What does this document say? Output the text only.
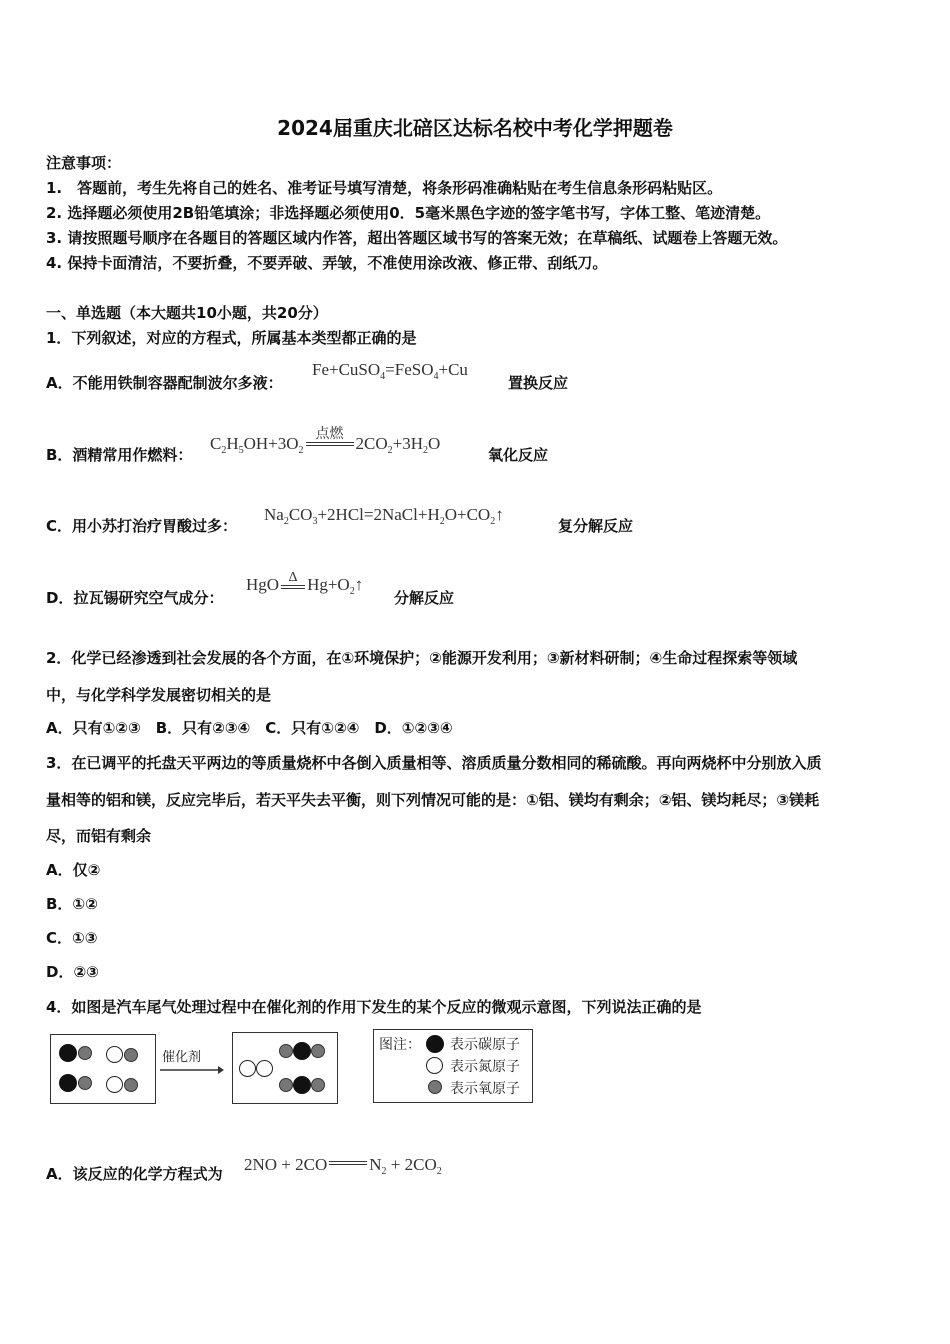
2024届重庆北碚区达标名校中考化学押题卷
注意事项：
1.　答题前，考生先将自己的姓名、准考证号填写清楚，将条形码准确粘贴在考生信息条形码粘贴区。
2. 选择题必须使用2B铅笔填涂；非选择题必须使用0．5毫米黑色字迹的签字笔书写，字体工整、笔迹清楚。
3. 请按照题号顺序在各题目的答题区域内作答，超出答题区域书写的答案无效；在草稿纸、试题卷上答题无效。
4. 保持卡面清洁，不要折叠，不要弄破、弄皱，不准使用涂改液、修正带、刮纸刀。
一、单选题（本大题共10小题，共20分）
1．下列叙述，对应的方程式，所属基本类型都正确的是
A．不能用铁制容器配制波尔多液：
Fe+CuSO$_4$=FeSO$_4$+Cu
置换反应
B．酒精常用作燃料：
$C_2H_5OH+3O_2$
点燃 $2CO_2+3H_2O$
氧化反应
C．用小苏打治疗胃酸过多：
$Na_2CO_3+2HCl=2NaCl+H_2O+CO_2↑$
复分解反应
D．拉瓦锡研究空气成分：
HgO Δ $Hg+O_2↑$
分解反应
2．化学已经渗透到社会发展的各个方面，在①环境保护；②能源开发利用；③新材料研制；④生命过程探索等领域
中，与化学科学发展密切相关的是
A．只有①②③　B．只有②③④　C．只有①②④　D．①②③④
3．在已调平的托盘天平两边的等质量烧杯中各倒入质量相等、溶质质量分数相同的稀硫酸。再向两烧杯中分别放入质
量相等的铝和镁，反应完毕后，若天平失去平衡，则下列情况可能的是：①铝、镁均有剩余；②铝、镁均耗尽；③镁耗
尽，而铝有剩余
A．仅②
B．①②
C．①③
D．②③
4．如图是汽车尾气处理过程中在催化剂的作用下发生的某个反应的微观示意图，下列说法正确的是
催化剂
图注： 表示碳原子
表示氮原子
表示氧原子
A．该反应的化学方程式为 2NO + 2CO $N_2 + 2CO_2$
